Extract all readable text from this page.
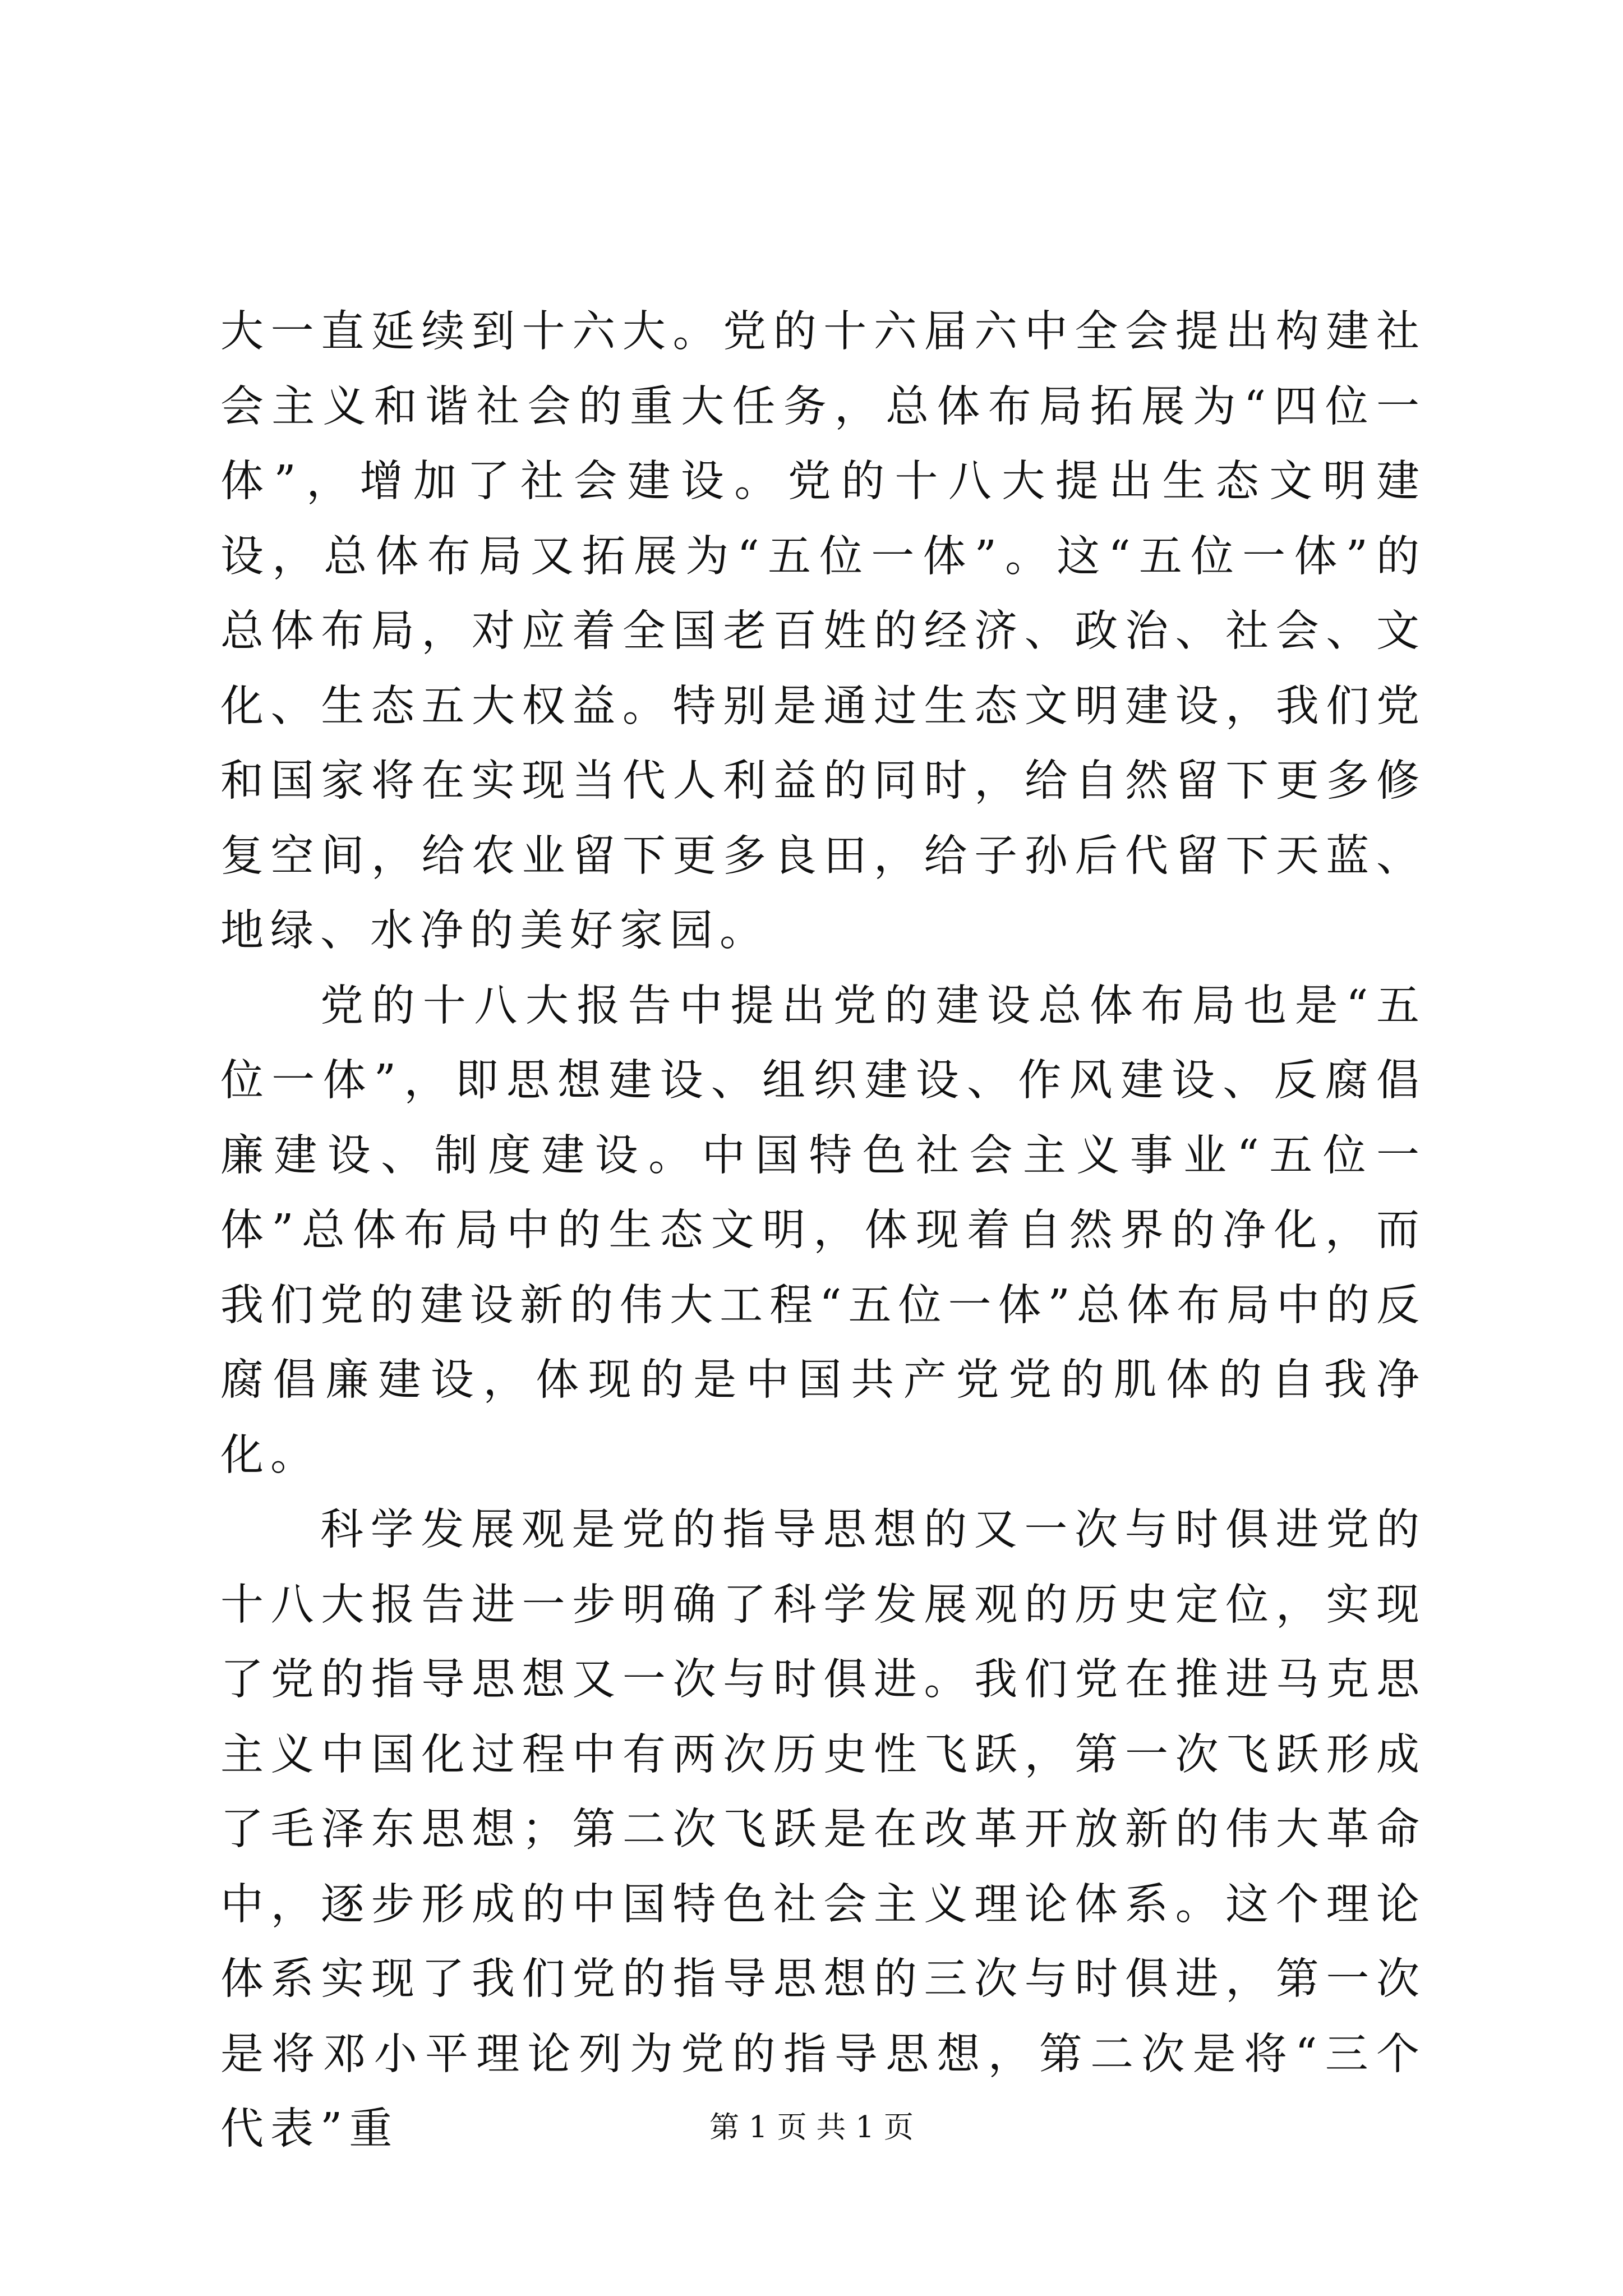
大一直延续到十六大。党的十六届六中全会提出构建社会主义和谐社会的重大任务，总体布局拓展为“四位一体”，增加了社会建设。党的十八大提出生态文明建设，总体布局又拓展为“五位一体”。这“五位一体”的总体布局，对应着全国老百姓的经济、政治、社会、文化、生态五大权益。特别是通过生态文明建设，我们党和国家将在实现当代人利益的同时，给自然留下更多修复空间，给农业留下更多良田，给子孙后代留下天蓝、地绿、水净的美好家园。

党的十八大报告中提出党的建设总体布局也是“五位一体”，即思想建设、组织建设、作风建设、反腐倡廉建设、制度建设。中国特色社会主义事业“五位一体”总体布局中的生态文明，体现着自然界的净化，而我们党的建设新的伟大工程“五位一体”总体布局中的反腐倡廉建设，体现的是中国共产党党的肌体的自我净化。

科学发展观是党的指导思想的又一次与时俱进党的十八大报告进一步明确了科学发展观的历史定位，实现了党的指导思想又一次与时俱进。我们党在推进马克思主义中国化过程中有两次历史性飞跃，第一次飞跃形成了毛泽东思想；第二次飞跃是在改革开放新的伟大革命中，逐步形成的中国特色社会主义理论体系。这个理论体系实现了我们党的指导思想的三次与时俱进，第一次是将邓小平理论列为党的指导思想，第二次是将“三个代表”重	第 1 页 共 1 页
